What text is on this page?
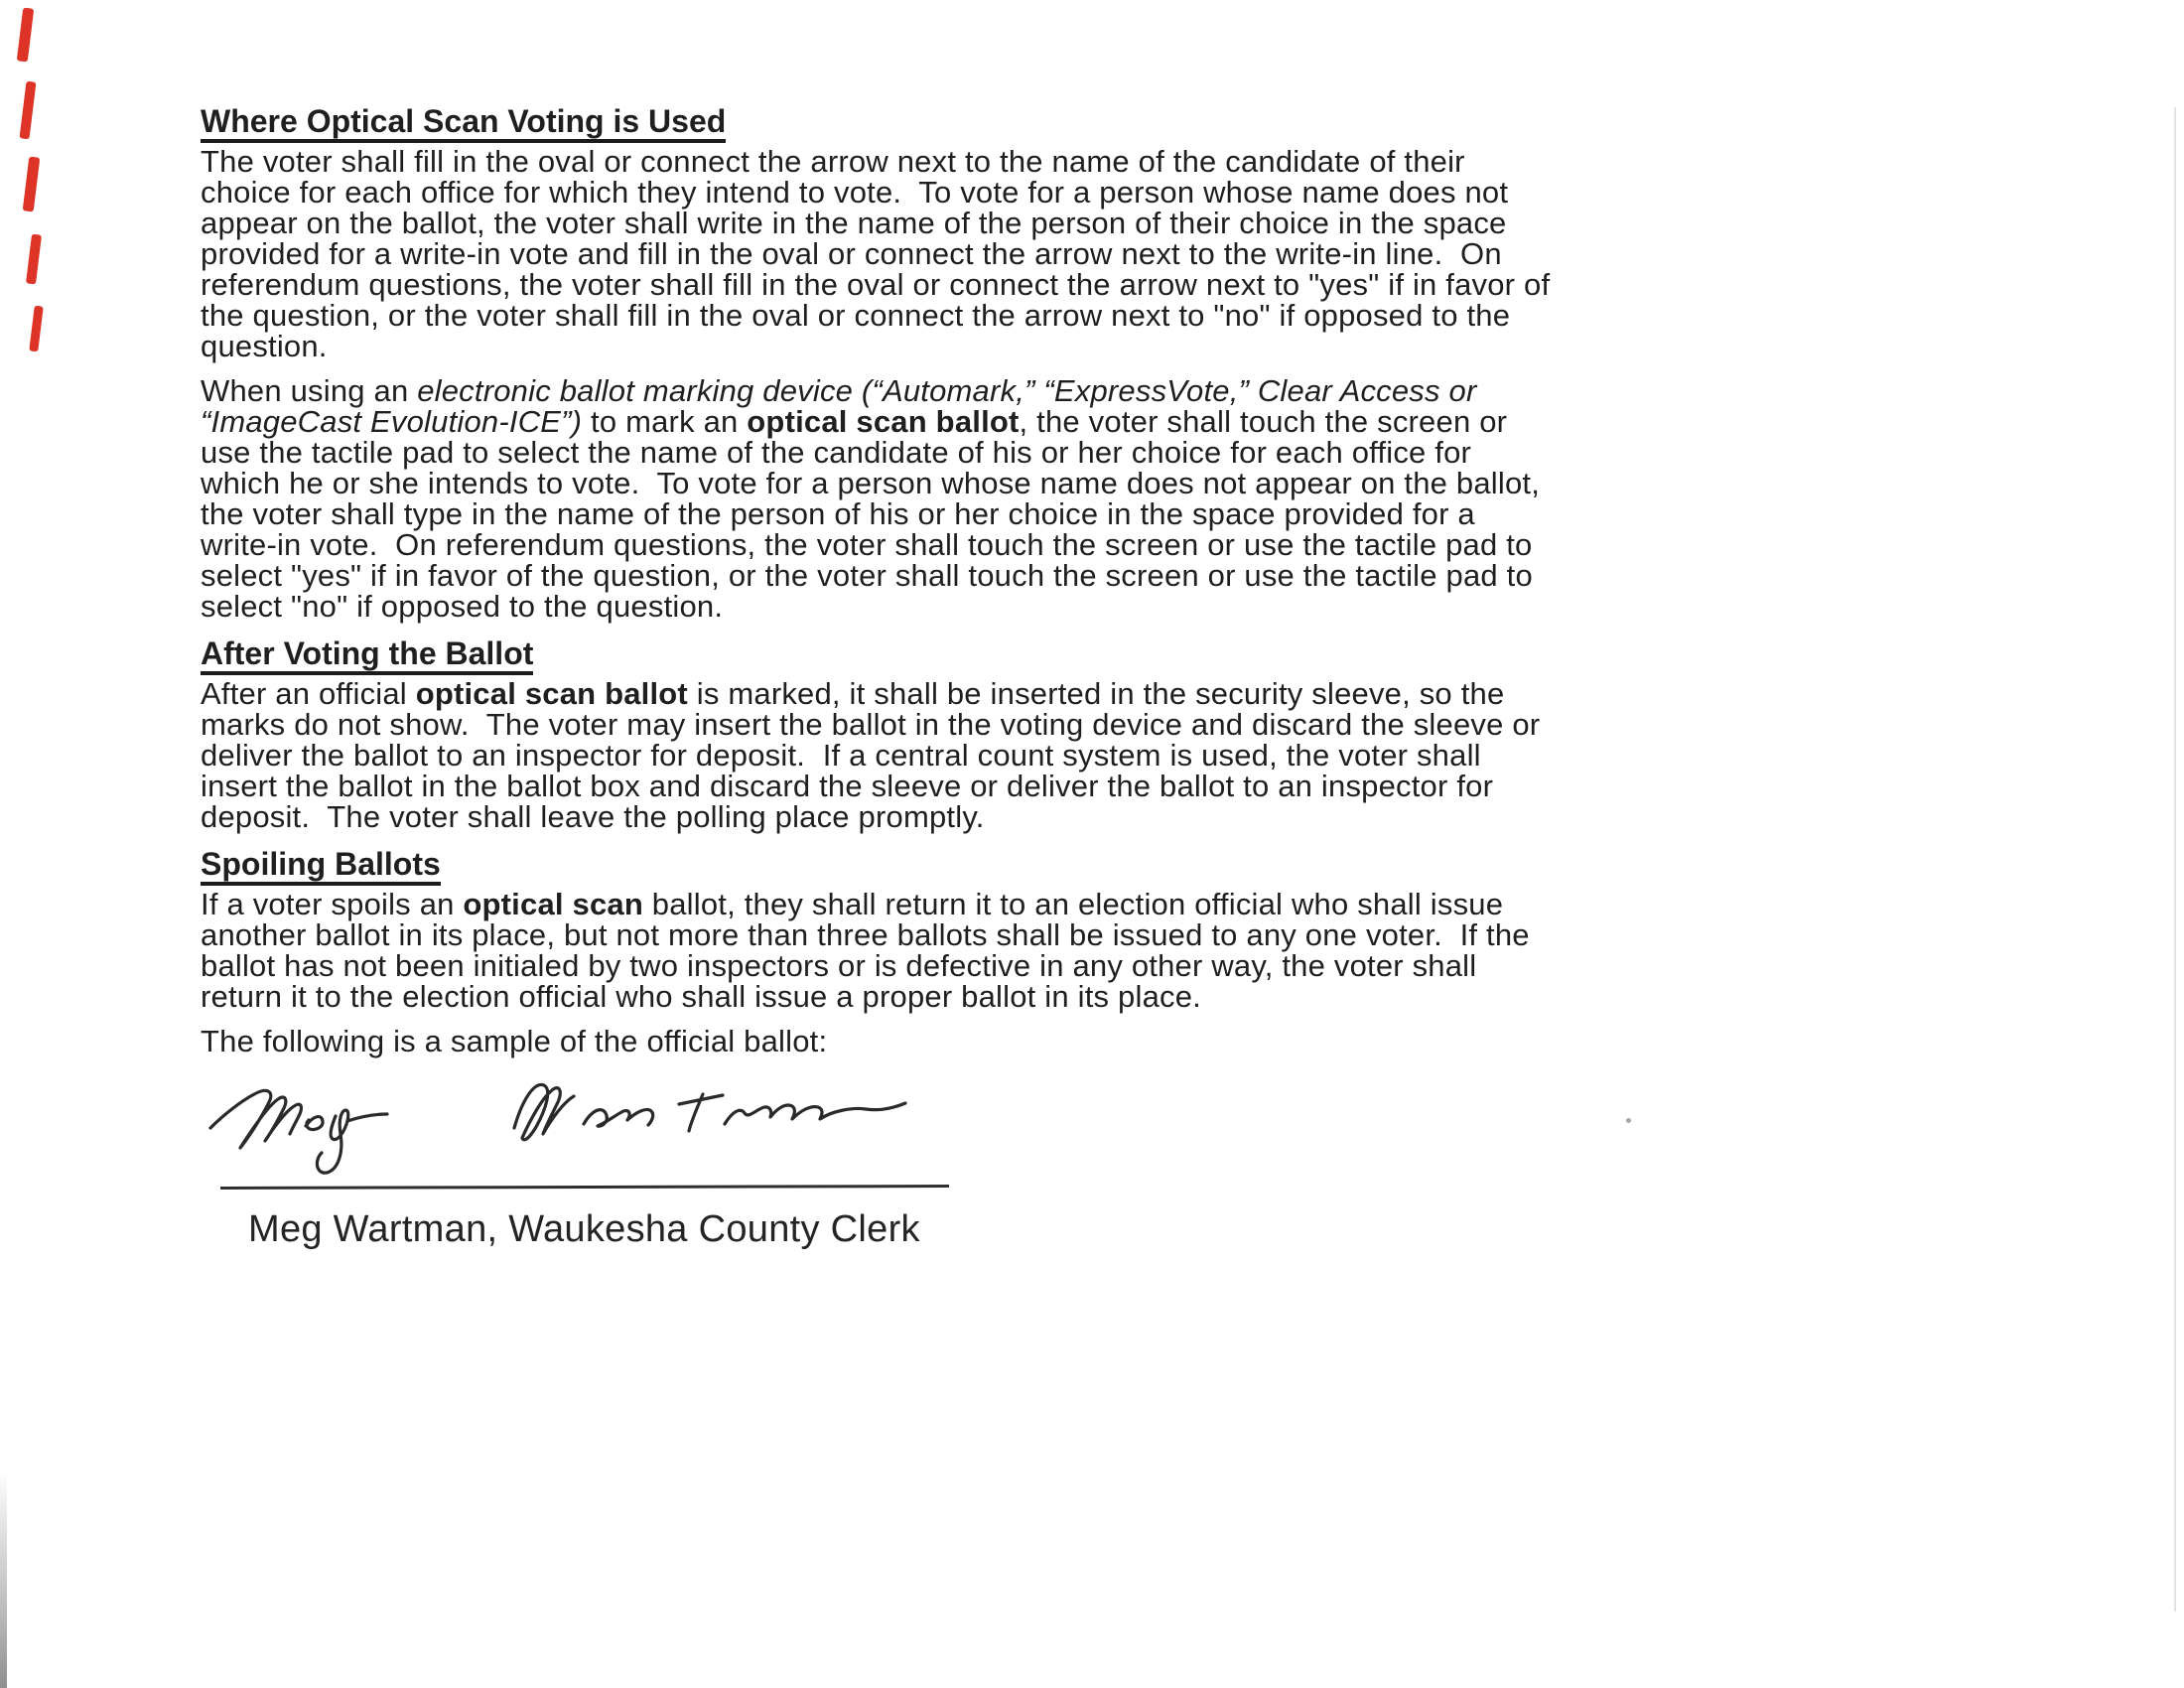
Where Optical Scan Voting is Used
The voter shall fill in the oval or connect the arrow next to the name of the candidate of their
choice for each office for which they intend to vote.  To vote for a person whose name does not
appear on the ballot, the voter shall write in the name of the person of their choice in the space
provided for a write-in vote and fill in the oval or connect the arrow next to the write-in line.  On
referendum questions, the voter shall fill in the oval or connect the arrow next to "yes" if in favor of
the question, or the voter shall fill in the oval or connect the arrow next to "no" if opposed to the
question.
When using an electronic ballot marking device (“Automark,” “ExpressVote,” Clear Access or
“ImageCast Evolution-ICE”) to mark an optical scan ballot, the voter shall touch the screen or
use the tactile pad to select the name of the candidate of his or her choice for each office for
which he or she intends to vote.  To vote for a person whose name does not appear on the ballot,
the voter shall type in the name of the person of his or her choice in the space provided for a
write-in vote.  On referendum questions, the voter shall touch the screen or use the tactile pad to
select "yes" if in favor of the question, or the voter shall touch the screen or use the tactile pad to
select "no" if opposed to the question.
After Voting the Ballot
After an official optical scan ballot is marked, it shall be inserted in the security sleeve, so the
marks do not show.  The voter may insert the ballot in the voting device and discard the sleeve or
deliver the ballot to an inspector for deposit.  If a central count system is used, the voter shall
insert the ballot in the ballot box and discard the sleeve or deliver the ballot to an inspector for
deposit.  The voter shall leave the polling place promptly.
Spoiling Ballots
If a voter spoils an optical scan ballot, they shall return it to an election official who shall issue
another ballot in its place, but not more than three ballots shall be issued to any one voter.  If the
ballot has not been initialed by two inspectors or is defective in any other way, the voter shall
return it to the election official who shall issue a proper ballot in its place.
The following is a sample of the official ballot:
Meg Wartman, Waukesha County Clerk
